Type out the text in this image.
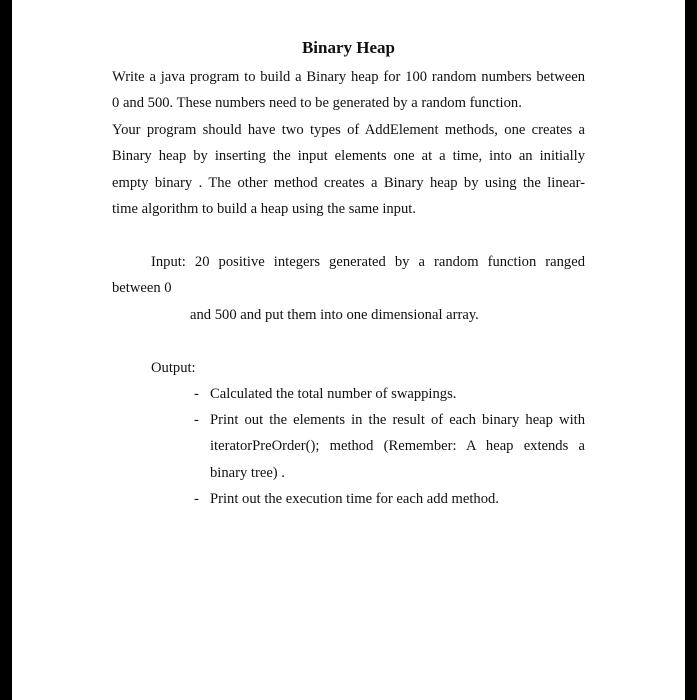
Binary Heap
Write a java program to build a Binary heap for 100 random numbers between
0 and 500. These numbers need to be generated by a random function.
Your program should have two types of AddElement methods, one creates a
Binary heap by inserting the input elements one at a time, into an initially
empty binary . The other method creates a Binary heap by using the linear-
time algorithm to build a heap using the same input.
Input: 20 positive integers generated by a random function ranged
between 0
and 500 and put them into one dimensional array.
Output:
- Calculated the total number of swappings.
- Print out the elements in the result of each binary heap with
iteratorPreOrder(); method (Remember: A heap extends a
binary tree) .
- Print out the execution time for each add method.
